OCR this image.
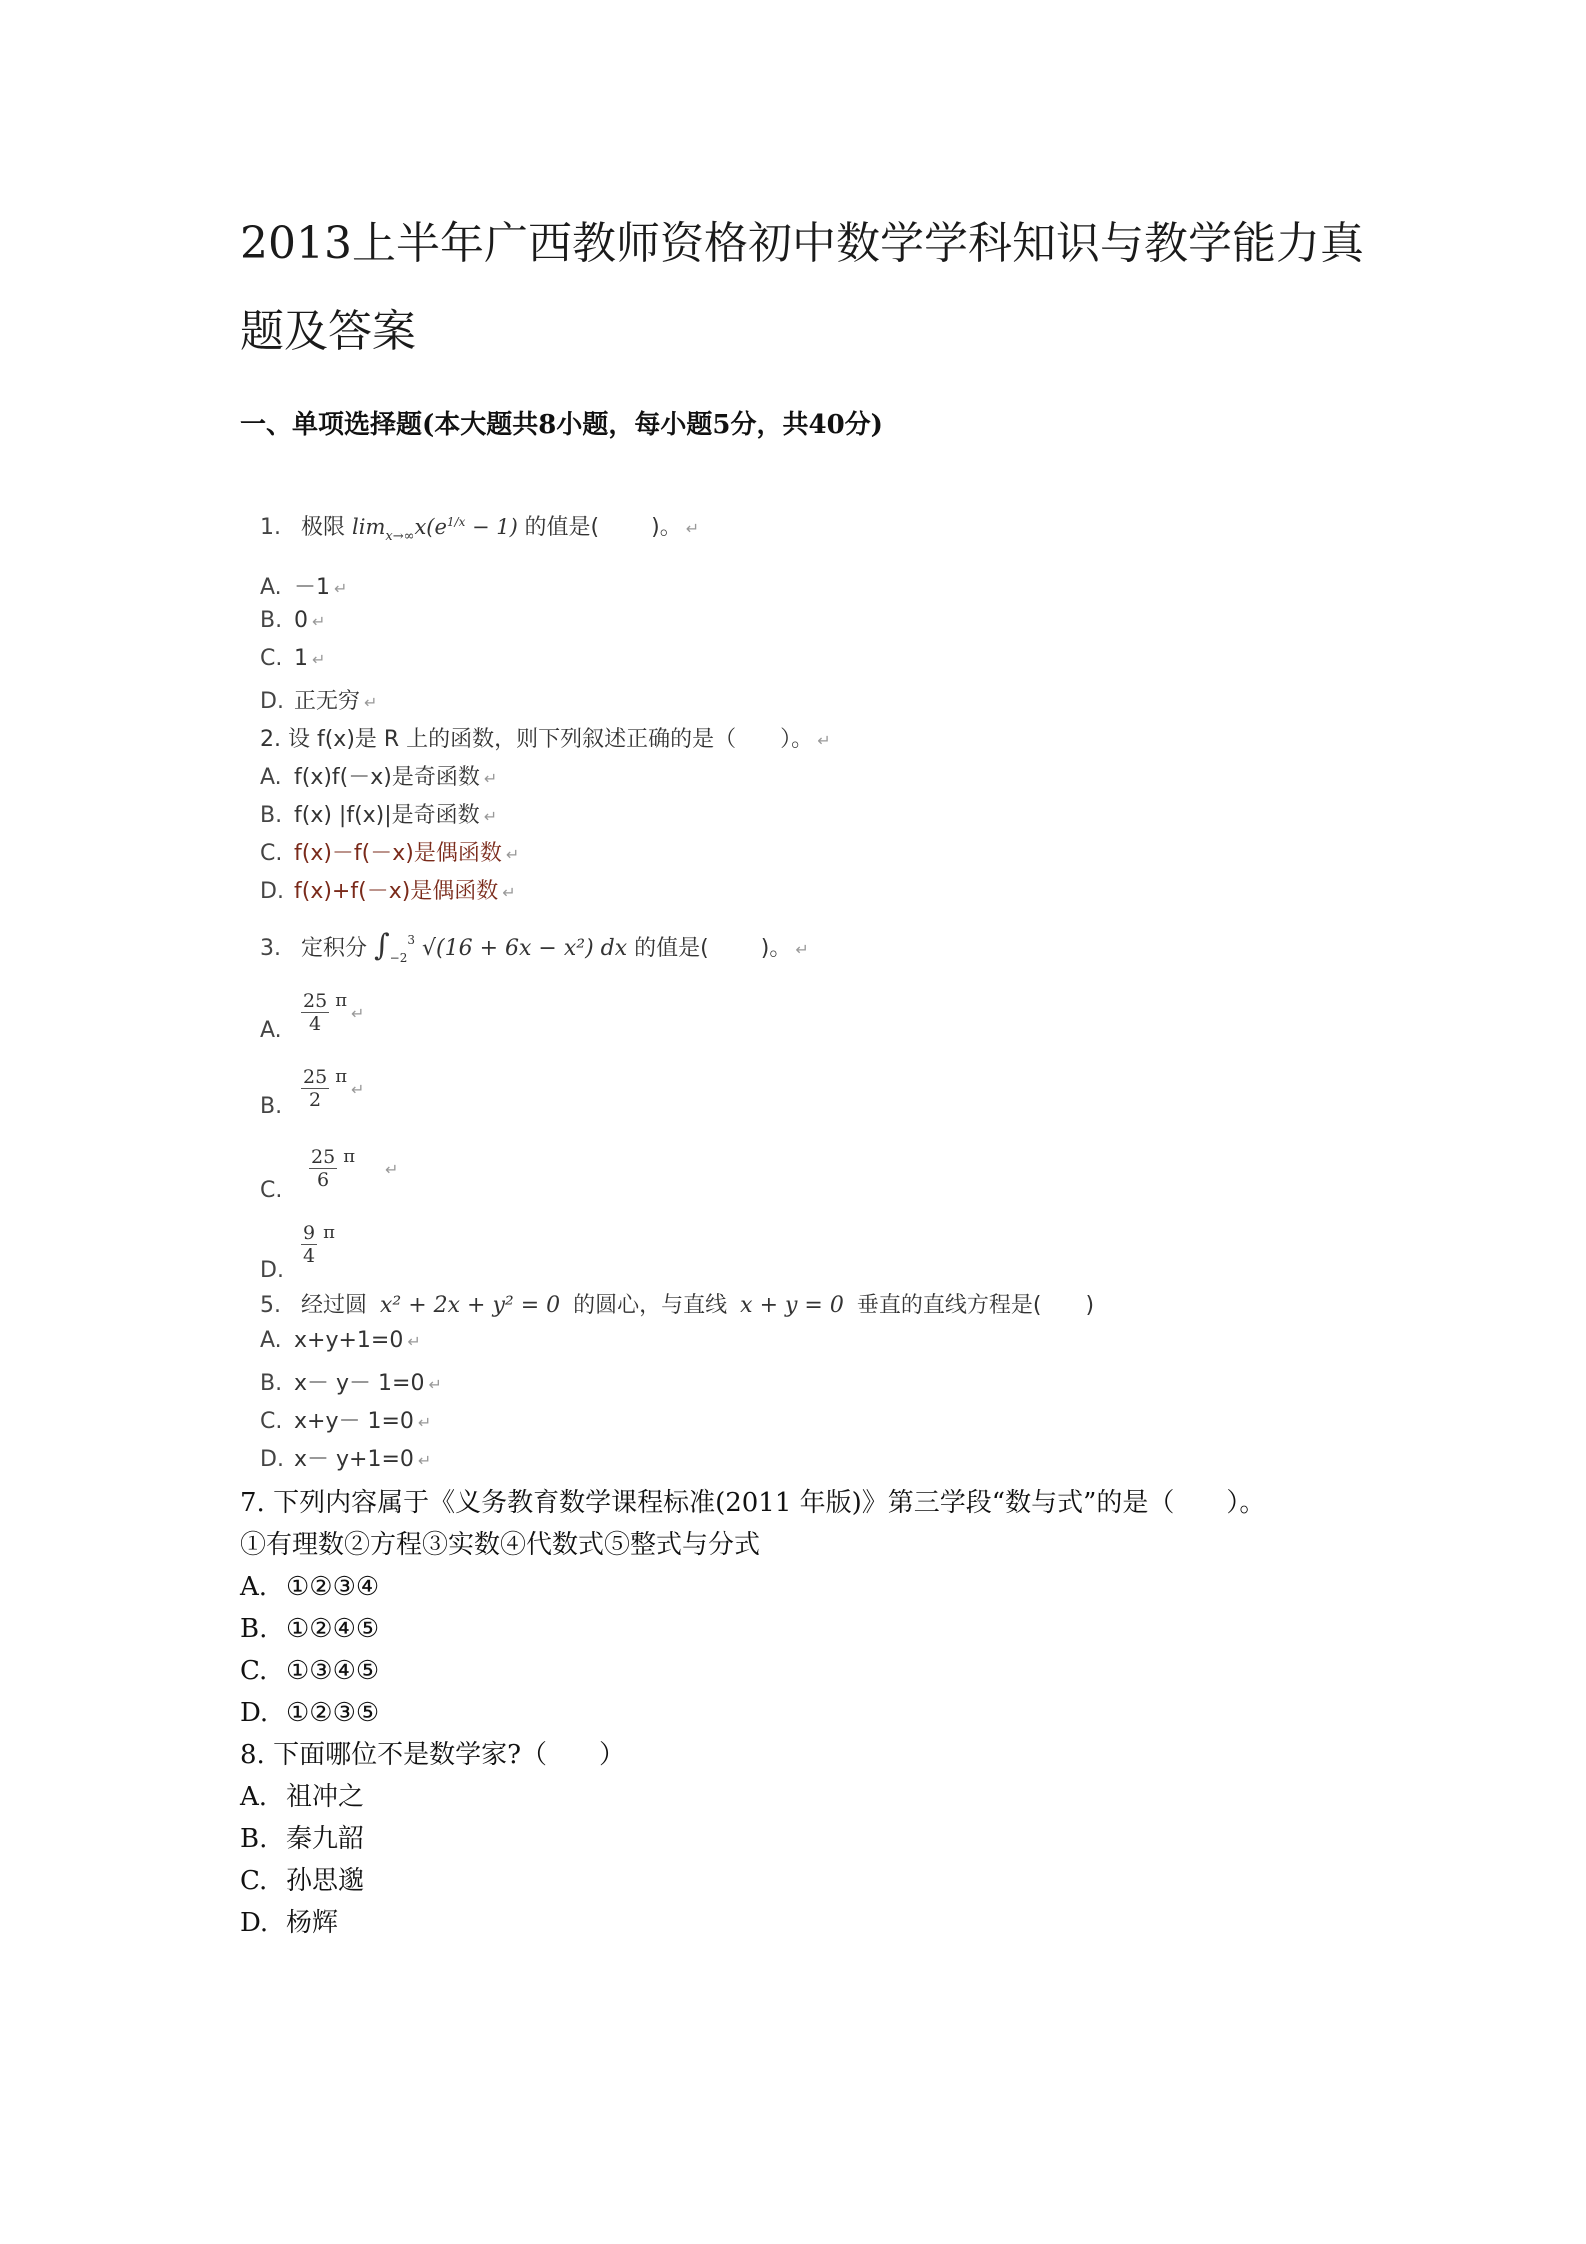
2013上半年广西教师资格初中数学学科知识与教学能力真
题及答案
一、单项选择题(本大题共8小题，每小题5分，共40分)
1. 极限 $\lim_{x\to\infty}x(e^{1/x} - 1)$ 的值是( )。 ↵
A. －1 ↵
B. 0 ↵
C. 1 ↵
D. 正无穷 ↵
2. 设 f(x)是 R 上的函数，则下列叙述正确的是（　　）。 ↵
A. f(x)f(－x)是奇函数 ↵
B. f(x) |f(x)|是奇函数 ↵
C. f(x)－f(－x)是偶函数 ↵
D. f(x)+f(－x)是偶函数 ↵
3. 定积分 $\int_{-2}^3$ √(16 + 6x − x²) dx 的值是( )。 ↵
A. $\frac{25}{4}$ $^\pi$↵
B. $\frac{25}{2}$ $^\pi$↵
C. $\frac{25}{6}$ $^\pi$↵
D.
$\frac{9}{4} ^\pi$
5. 经过圆 x² + 2x + y² = 0 的圆心，与直线 x + y = 0 垂直的直线方程是(　　)
A. x+y+1=0 ↵
B. x－ y－ 1=0 ↵
C. x+y－ 1=0 ↵
D. x－ y+1=0 ↵
7. 下列内容属于《义务教育数学课程标准(2011 年版)》第三学段“数与式”的是（　　）。
①有理数②方程③实数④代数式⑤整式与分式
A. ①②③④
B. ①②④⑤
C. ①③④⑤
D. ①②③⑤
8. 下面哪位不是数学家?（　　）
A. 祖冲之
B. 秦九韶
C. 孙思邈
D. 杨辉
